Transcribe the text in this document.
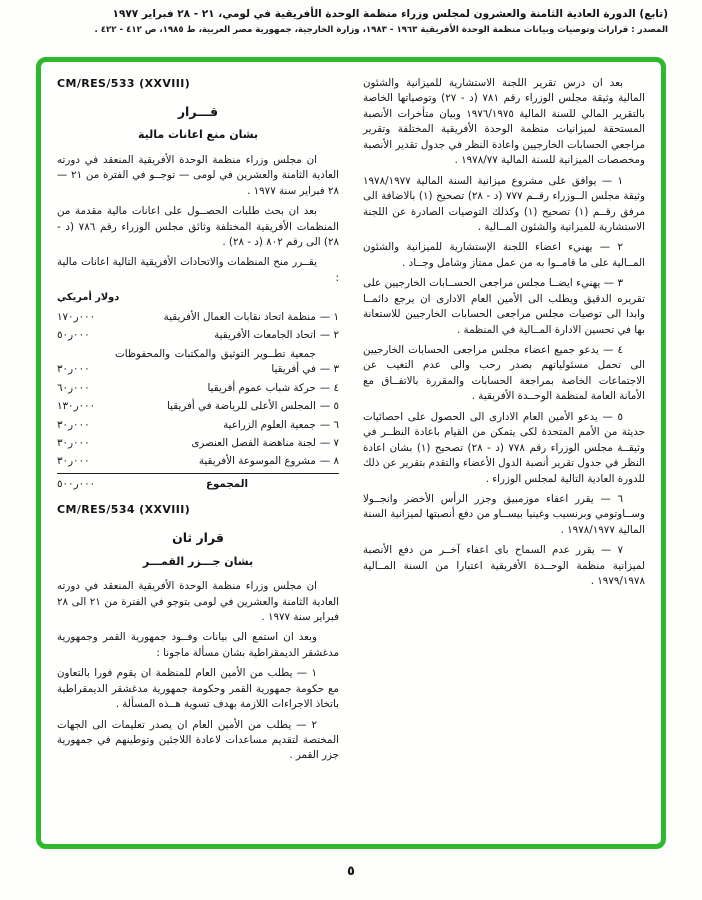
(تابع) الدورة العادية الثامنة والعشرون لمجلس وزراء منظمة الوحدة الأفريقية في لومي، ٢١ - ٢٨ فبراير ١٩٧٧
المصدر : قرارات وتوصيات وبيانات منظمة الوحدة الأفريقية ١٩٦٣ - ١٩٨٣، وزارة الخارجية، جمهورية مصر العربية، ط ١٩٨٥، ص ٤١٢ - ٤٢٢ .

بعد ان درس تقرير اللجنة الاستشارية للميزانية والشئون المالية وثيقة مجلس الوزراء رقم ٧٨١ (د - ٢٧) وتوصياتها الخاصة بالتقرير المالي للسنة المالية ١٩٧٦/١٩٧٥ وبيان متأخرات الأنصبة المستحقة لميزانيات منظمة الوحدة الأفريقية المختلفة وتقرير مراجعي الحسابات الخارجيين واعادة النظر في جدول تقدير الأنصبة ومخصصات الميزانية للسنة المالية ١٩٧٨/٧٧ .

١ — يوافق على مشروع ميزانية السنة المالية ١٩٧٨/١٩٧٧ وثيقة مجلس الــوزراء رقــم ٧٧٧ (د - ٢٨) تصحيح (١) بالاضافة الى مرفق رقــم (١) تصحيح (١) وكذلك التوصيات الصادرة عن اللجنة الاستشارية للميزانية والشئون المــالية .

٢ — يهنيء اعضاء اللجنة الإستشارية للميزانية والشئون المــالية على ما قامــوا به من عمل ممتاز وشامل وجــاد .

٣ — يهنيء ايضــا مجلس مراجعى الحســابات الخارجيين على تقريره الدقيق ويطلب الى الأمين العام الادارى ان يرجع دائمــا وابدا الى توصيات مجلس مراجعى الحسابات الخارجيين للاستعانة بها في تحسين الادارة المــالية في المنظمة .

٤ — يدعو جميع اعضاء مجلس مراجعى الحسابات الخارجيين الى تحمل مسئولياتهم بصدر رحب والى عدم التغيب عن الاجتماعات الخاصة بمراجعة الحسابات والمقررة بالاتفــاق مع الأمانة العامة لمنظمة الوحــدة الأفريقية .

٥ — يدعو الأمين العام الادارى الى الحصول على احصائيات حديثة من الأمم المتحدة لكى يتمكن من القيام باعادة النظــر في وثيقــة مجلس الوزراء رقم ٧٧٨ (د - ٢٨) تصحيح (١) بشان اعادة النظر في جدول تقرير أنصبة الدول الأعضاء والتقدم بتقرير عن ذلك للدورة العادية التالية لمجلس الوزراء .

٦ — يقرر اعفاء موزمبيق وجزر الرأس الأخضر وانجــولا وســاوتومي وبرنسيب وغينيا بيســاو من دفع أنصبتها لميزانية السنة المالية ١٩٧٨/١٩٧٧ .

٧ — يقرر عدم السماح باى اعفاء آخــر من دفع الأنصبة لميزانية منظمة الوحــدة الأفريقية اعتبارا من السنة المــالية ١٩٧٩/١٩٧٨ .

CM/RES/533 (XXVIII)
قـــرار
بشان منع اعانات مالية

ان مجلس وزراء منظمة الوحدة الأفريقية المنعقد في دورته العادية الثامنة والعشرين في لومى — توجــو في الفترة من ٢١ — ٢٨ فبراير سنة ١٩٧٧ .

بعد ان بحث طلبات الحصــول على اعانات مالية مقدمة من المنظمات الأفريقية المختلفة وثائق مجلس الوزراء رقم ٧٨٦ (د - ٢٨) الى رقم ٨٠٢ (د - ٢٨) .

يقــرر منح المنظمات والاتحادات الأفريقية التالية اعانات مالية :

دولار أمريكي
١ —
منظمة اتحاد نقابات العمال الأفريقية
٠٠٠ر١٧٠
٢ —
اتحاد الجامعات الأفريقية
٠٠٠ر٥٠
٣ —
جمعية تطــوير التوثيق والمكتبات والمحفوظات في أفريقيا
٠٠٠ر٣٠
٤ —
حركة شباب عموم أفريقيا
٠٠٠ر٦٠
٥ —
المجلس الأعلى للرياضة في أفريقيا
٠٠٠ر١٣٠
٦ —
جمعية العلوم الزراعية
٠٠٠ر٣٠
٧ —
لجنة مناهضة الفصل العنصرى
٠٠٠ر٣٠
٨ —
مشروع الموسوعة الأفريقية
٠٠٠ر٣٠
المجموع
٠٠٠ر٥٠٠
CM/RES/534 (XXVIII)
قرار ثان
بشان جـــزر القمـــر

ان مجلس وزراء منظمة الوحدة الأفريقية المنعقد في دورته العادية الثامنة والعشرين في لومى بتوجو في الفترة من ٢١ الى ٢٨ فبراير سنة ١٩٧٧ .

وبعد ان استمع الى بيانات وفــود جمهورية القمر وجمهورية مدغشقر الديمقراطية بشان مسألة ماجونا :

١ — يطلب من الأمين العام للمنظمة ان يقوم فورا بالتعاون مع حكومة جمهورية القمر وحكومة جمهورية مدغشقر الديمقراطية باتخاذ الاجراءات اللازمة بهدف تسوية هــذه المسألة .

٢ — يطلب من الأمين العام ان يصدر تعليمات الى الجهات المختصة لتقديم مساعدات لاعادة اللاجئين وتوطينهم في جمهورية جزر القمر .

٥
